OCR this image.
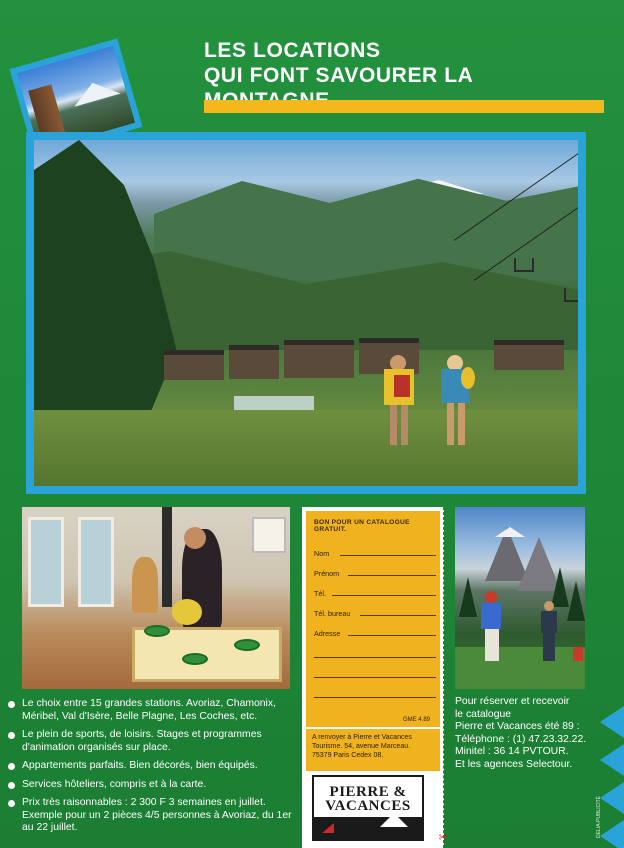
LES LOCATIONS
QUI FONT SAVOURER LA
Le choix entre 15 grandes stations. Avoriaz, Chamonix, Méribel, Val d'Isère, Belle Plagne, Les Coches, etc.
Le plein de sports, de loisirs. Stages et programmes d'animation organisés sur place.
Appartements parfaits. Bien décorés, bien équipés.
Services hôteliers, compris et à la carte.
Prix très raisonnables : 2 300 F 3 semaines en juillet. Exemple pour un 2 pièces 4/5 personnes à Avoriaz, du 1er au 22 juillet.
BON POUR UN CATALOGUE GRATUIT.
Nom
Prénom
Tél.
Tél. bureau
Adresse
GME 4.89
A renvoyer à Pierre et Vacances
Tourisme. 54, avenue Marceau.
75379 Paris Cedex 08.
PIERRE &
VACANCES
✂
Pour réserver et recevoir
le catalogue
Pierre et Vacances été 89 :
Téléphone : (1) 47.23.32.22.
Minitel : 36 14 PVTOUR.
Et les agences Selectour.
DELIA-PUBLICITÉ
